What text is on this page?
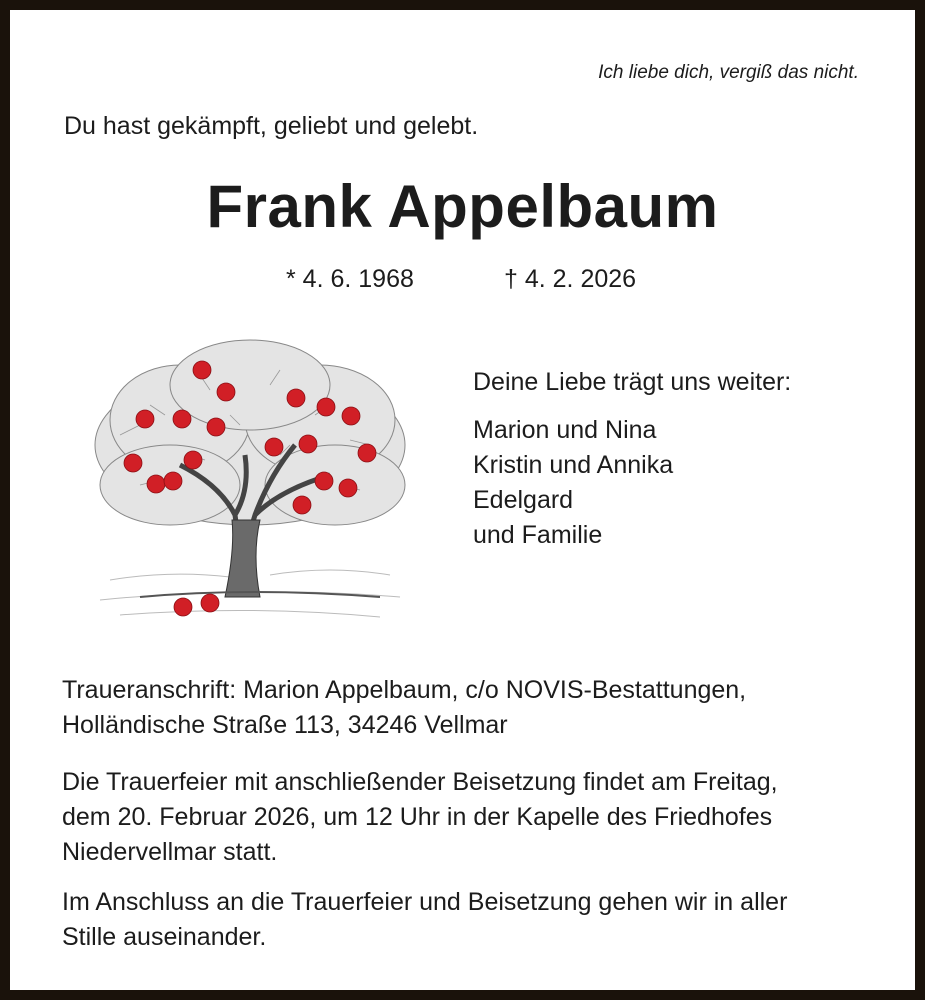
Ich liebe dich, vergiß das nicht.
Du hast gekämpft, geliebt und gelebt.
Frank Appelbaum
* 4. 6. 1968	† 4. 2. 2026
Deine Liebe trägt uns weiter:
Marion und Nina
Kristin und Annika
Edelgard
und Familie
Traueranschrift: Marion Appelbaum, c/o NOVIS-Bestattungen,
Holländische Straße 113, 34246 Vellmar
Die Trauerfeier mit anschließender Beisetzung findet am Freitag,
dem 20. Februar 2026, um 12 Uhr in der Kapelle des Friedhofes
Niedervellmar statt.
Im Anschluss an die Trauerfeier und Beisetzung gehen wir in aller
Stille auseinander.
